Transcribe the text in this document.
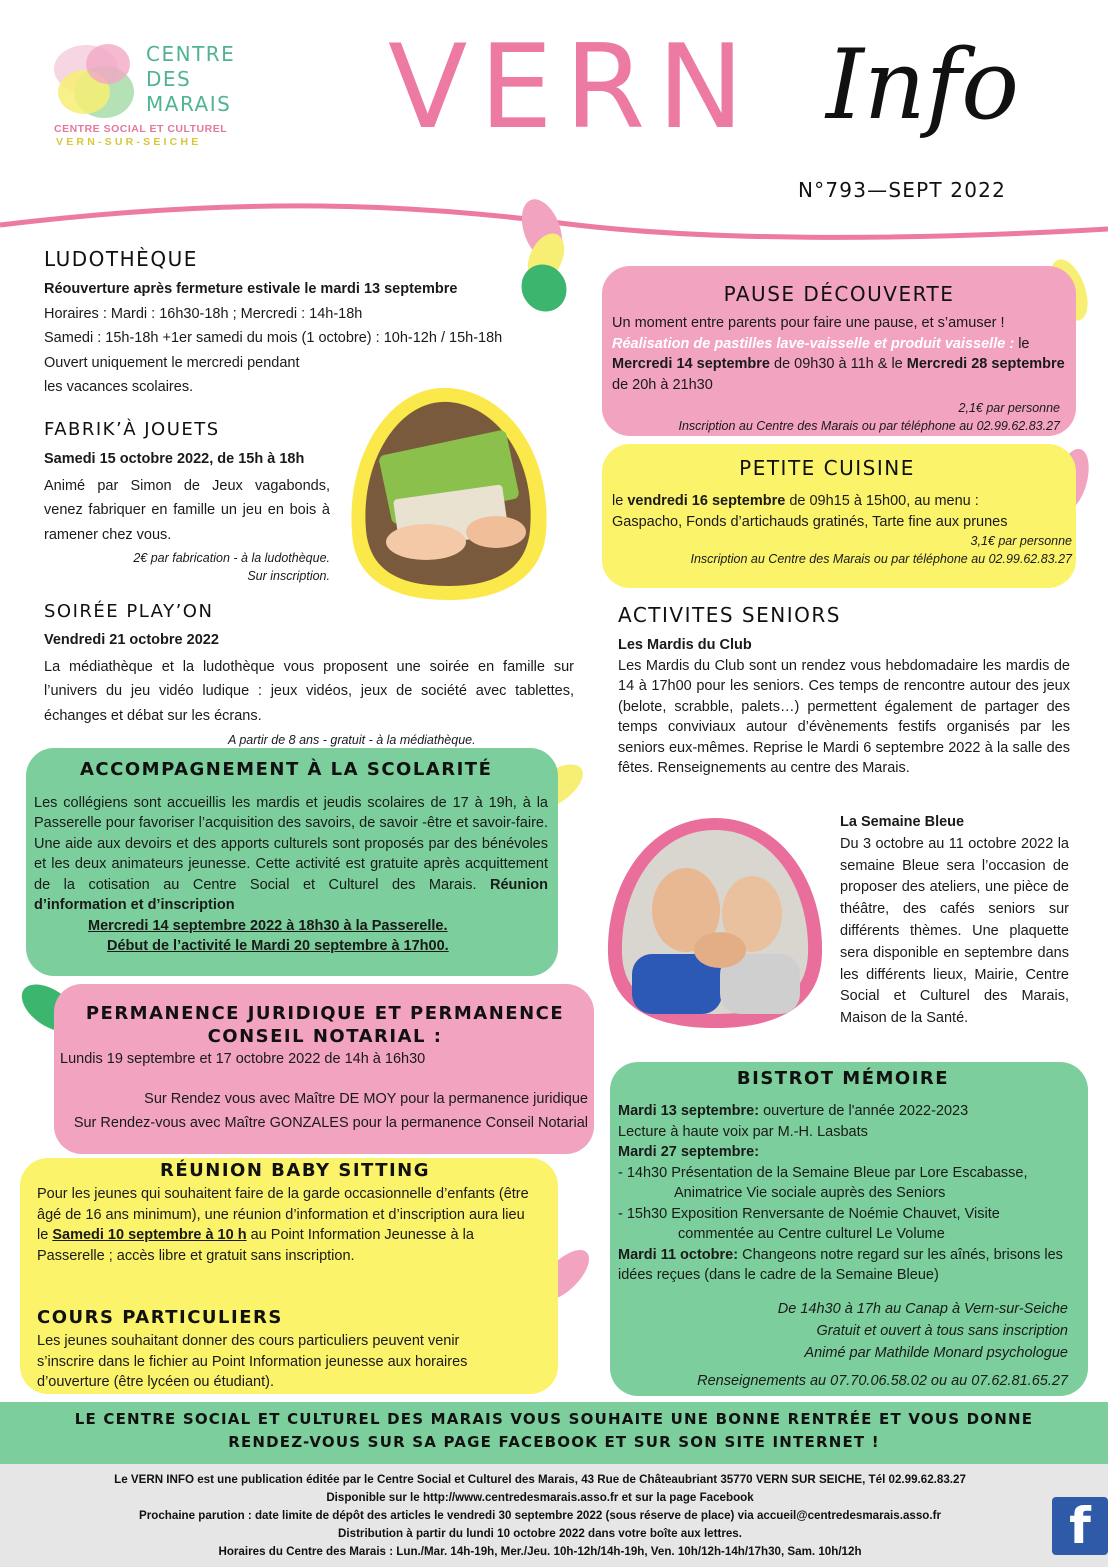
CENTRE
DES
MARAIS
CENTRE SOCIAL ET CULTUREL
VERN-SUR-SEICHE VERN Info
N°793—SEPT 2022
LUDOTHÈQUE
Réouverture après fermeture estivale le mardi 13 septembre
Horaires : Mardi : 16h30-18h ; Mercredi : 14h-18h
Samedi : 15h-18h +1er samedi du mois (1 octobre) : 10h-12h / 15h-18h
Ouvert uniquement le mercredi pendant
les vacances scolaires.
FABRIK’À JOUETS
Samedi 15 octobre 2022, de 15h à 18h
Animé par Simon de Jeux vagabonds, venez fabriquer en famille un jeu en bois à ramener chez vous.
2€ par fabrication - à la ludothèque.
Sur inscription.
SOIRÉE PLAY’ON
Vendredi 21 octobre 2022
La médiathèque et la ludothèque vous proposent une soirée en famille sur l’univers du jeu vidéo ludique : jeux vidéos, jeux de société avec tablettes, échanges et débat sur les écrans.
A partir de 8 ans - gratuit - à la médiathèque.
ACCOMPAGNEMENT À LA SCOLARITÉ
Les collégiens sont accueillis les mardis et jeudis scolaires de 17 à 19h, à la Passerelle pour favoriser l’acquisition des savoirs, de savoir -être et savoir-faire. Une aide aux devoirs et des apports culturels sont proposés par des bénévoles et les deux animateurs jeunesse. Cette activité est gratuite après acquittement de la cotisation au Centre Social et Culturel des Marais. Réunion d’information et d’inscription
Mercredi 14 septembre 2022 à 18h30 à la Passerelle.
Début de l’activité le Mardi 20 septembre à 17h00.
PERMANENCE JURIDIQUE ET PERMANENCE CONSEIL NOTARIAL :
Lundis 19 septembre et 17 octobre 2022 de 14h à 16h30
Sur Rendez vous avec Maître DE MOY pour la permanence juridique
Sur Rendez-vous avec Maître GONZALES pour la permanence Conseil Notarial
RÉUNION BABY SITTING
Pour les jeunes qui souhaitent faire de la garde occasionnelle d’enfants (être âgé de 16 ans minimum), une réunion d’information et d’inscription aura lieu le Samedi 10 septembre à 10 h au Point Information Jeunesse à la Passerelle ; accès libre et gratuit sans inscription.
COURS PARTICULIERS
Les jeunes souhaitant donner des cours particuliers peuvent venir s’inscrire dans le fichier au Point Information jeunesse aux horaires d’ouverture (être lycéen ou étudiant).
PAUSE DÉCOUVERTE
Un moment entre parents pour faire une pause, et s’amuser !
Réalisation de pastilles lave-vaisselle et produit vaisselle : le Mercredi 14 septembre de 09h30 à 11h & le Mercredi 28 septembre de 20h à 21h30
2,1€ par personne
Inscription au Centre des Marais ou par téléphone au 02.99.62.83.27
PETITE CUISINE
le vendredi 16 septembre de 09h15 à 15h00, au menu :
Gaspacho, Fonds d’artichauds gratinés, Tarte fine aux prunes
3,1€ par personne
Inscription au Centre des Marais ou par téléphone au 02.99.62.83.27
ACTIVITES SENIORS
Les Mardis du Club
Les Mardis du Club sont un rendez vous hebdomadaire les mardis de 14 à 17h00 pour les seniors. Ces temps de rencontre autour des jeux (belote, scrabble, palets…) permettent également de partager des temps conviviaux autour d’évènements festifs organisés par les seniors eux-mêmes. Reprise le Mardi 6 septembre 2022 à la salle des fêtes. Renseignements au centre des Marais.
La Semaine Bleue
Du 3 octobre au 11 octobre 2022 la semaine Bleue sera l’occasion de proposer des ateliers, une pièce de théâtre, des cafés seniors sur différents thèmes. Une plaquette sera disponible en septembre dans les différents lieux, Mairie, Centre Social et Culturel des Marais, Maison de la Santé.
BISTROT MÉMOIRE
Mardi 13 septembre: ouverture de l'année 2022-2023
Lecture à haute voix par M.-H. Lasbats
Mardi 27 septembre:
- 14h30 Présentation de la Semaine Bleue par Lore Escabasse,
Animatrice Vie sociale auprès des Seniors
- 15h30 Exposition Renversante de Noémie Chauvet, Visite
commentée au Centre culturel Le Volume
Mardi 11 octobre: Changeons notre regard sur les aînés, brisons les idées reçues (dans le cadre de la Semaine Bleue)
De 14h30 à 17h au Canap à Vern-sur-Seiche
Gratuit et ouvert à tous sans inscription
Animé par Mathilde Monard psychologue
Renseignements au 07.70.06.58.02 ou au 07.62.81.65.27
LE CENTRE SOCIAL ET CULTUREL DES MARAIS VOUS SOUHAITE UNE BONNE RENTRÉE ET VOUS DONNE
RENDEZ-VOUS SUR SA PAGE FACEBOOK ET SUR SON SITE INTERNET !
Le VERN INFO est une publication éditée par le Centre Social et Culturel des Marais, 43 Rue de Châteaubriant 35770 VERN SUR SEICHE, Tél 02.99.62.83.27
Disponible sur le http://www.centredesmarais.asso.fr et sur la page Facebook
Prochaine parution : date limite de dépôt des articles le vendredi 30 septembre 2022 (sous réserve de place) via accueil@centredesmarais.asso.fr
Distribution à partir du lundi 10 octobre 2022 dans votre boîte aux lettres.
Horaires du Centre des Marais : Lun./Mar. 14h-19h, Mer./Jeu. 10h-12h/14h-19h, Ven. 10h/12h-14h/17h30, Sam. 10h/12h	f
